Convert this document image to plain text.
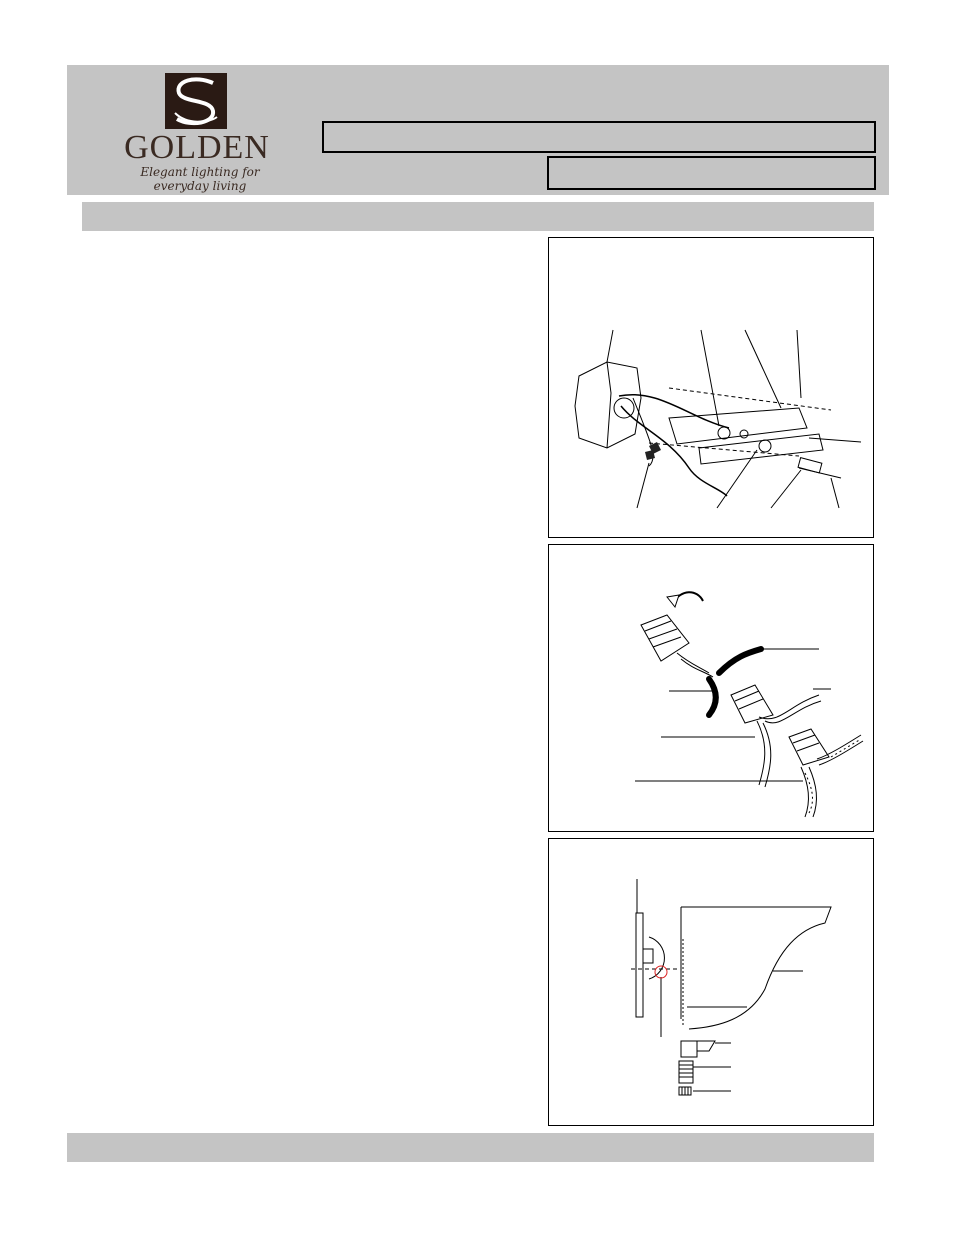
GOLDEN
Elegant lighting for everyday living
